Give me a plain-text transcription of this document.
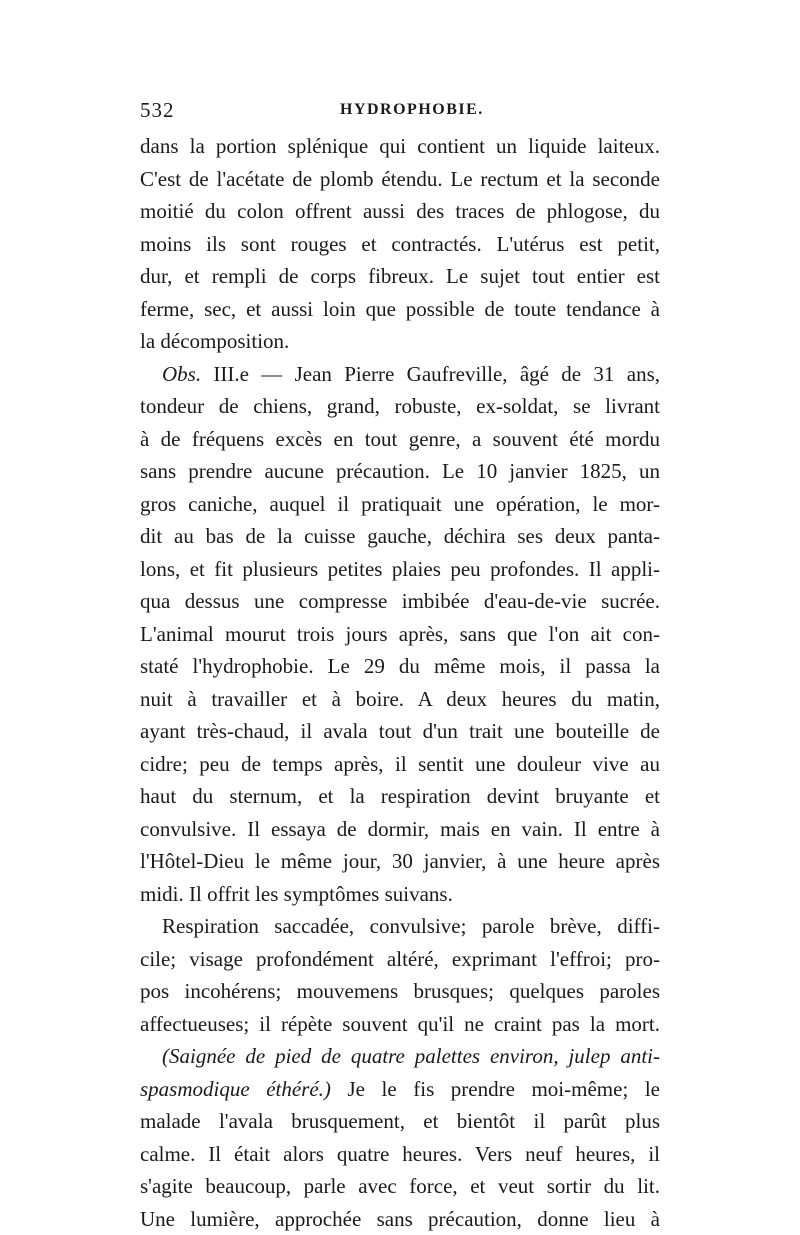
532	HYDROPHOBIE.
dans la portion splénique qui contient un liquide laiteux.
C'est de l'acétate de plomb étendu. Le rectum et la seconde
moitié du colon offrent aussi des traces de phlogose, du
moins ils sont rouges et contractés. L'utérus est petit,
dur, et rempli de corps fibreux. Le sujet tout entier est
ferme, sec, et aussi loin que possible de toute tendance à
la décomposition.
Obs. III.e — Jean Pierre Gaufreville, âgé de 31 ans,
tondeur de chiens, grand, robuste, ex-soldat, se livrant
à de fréquens excès en tout genre, a souvent été mordu
sans prendre aucune précaution. Le 10 janvier 1825, un
gros caniche, auquel il pratiquait une opération, le mor-
dit au bas de la cuisse gauche, déchira ses deux panta-
lons, et fit plusieurs petites plaies peu profondes. Il appli-
qua dessus une compresse imbibée d'eau-de-vie sucrée.
L'animal mourut trois jours après, sans que l'on ait con-
staté l'hydrophobie. Le 29 du même mois, il passa la
nuit à travailler et à boire. A deux heures du matin,
ayant très-chaud, il avala tout d'un trait une bouteille de
cidre; peu de temps après, il sentit une douleur vive au
haut du sternum, et la respiration devint bruyante et
convulsive. Il essaya de dormir, mais en vain. Il entre à
l'Hôtel-Dieu le même jour, 30 janvier, à une heure après
midi. Il offrit les symptômes suivans.
Respiration saccadée, convulsive; parole brève, diffi-
cile; visage profondément altéré, exprimant l'effroi; pro-
pos incohérens; mouvemens brusques; quelques paroles
affectueuses; il répète souvent qu'il ne craint pas la mort.
(Saignée de pied de quatre palettes environ, julep anti-
spasmodique éthéré.) Je le fis prendre moi-même; le
malade l'avala brusquement, et bientôt il parût plus
calme. Il était alors quatre heures. Vers neuf heures, il
s'agite beaucoup, parle avec force, et veut sortir du lit.
Une lumière, approchée sans précaution, donne lieu à
